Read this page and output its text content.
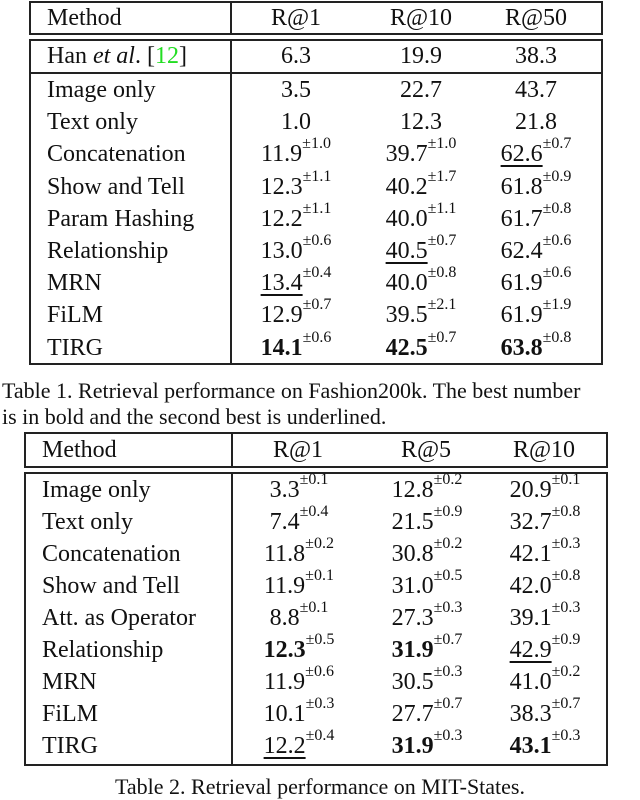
Method	R@1	R@10	R@50
Han et al. [12]	6.3	19.9	38.3
Image only	3.5	22.7	43.7
Text only	1.0	12.3	21.8
Concatenation	$11.9^{\pm 1.0}$	$39.7^{\pm 1.0}$	$62.6^{\pm 0.7}$
Show and Tell	$12.3^{\pm 1.1}$	$40.2^{\pm 1.7}$	$61.8^{\pm 0.9}$
Param Hashing	$12.2^{\pm 1.1}$	$40.0^{\pm 1.1}$	$61.7^{\pm 0.8}$
Relationship	$13.0^{\pm 0.6}$	$40.5^{\pm 0.7}$	$62.4^{\pm 0.6}$
MRN	$13.4^{\pm 0.4}$	$40.0^{\pm 0.8}$	$61.9^{\pm 0.6}$
FiLM	$12.9^{\pm 0.7}$	$39.5^{\pm 2.1}$	$61.9^{\pm 1.9}$
TIRG	$14.1^{\pm 0.6}$	$42.5^{\pm 0.7}$	$63.8^{\pm 0.8}$
Table 1. Retrieval performance on Fashion200k. The best number
is in bold and the second best is underlined.
Method	R@1	R@5	R@10
Image only	$3.3^{\pm 0.1}$	$12.8^{\pm 0.2}$	$20.9^{\pm 0.1}$
Text only	$7.4^{\pm 0.4}$	$21.5^{\pm 0.9}$	$32.7^{\pm 0.8}$
Concatenation	$11.8^{\pm 0.2}$	$30.8^{\pm 0.2}$	$42.1^{\pm 0.3}$
Show and Tell	$11.9^{\pm 0.1}$	$31.0^{\pm 0.5}$	$42.0^{\pm 0.8}$
Att. as Operator	$8.8^{\pm 0.1}$	$27.3^{\pm 0.3}$	$39.1^{\pm 0.3}$
Relationship	$12.3^{\pm 0.5}$	$31.9^{\pm 0.7}$	$42.9^{\pm 0.9}$
MRN	$11.9^{\pm 0.6}$	$30.5^{\pm 0.3}$	$41.0^{\pm 0.2}$
FiLM	$10.1^{\pm 0.3}$	$27.7^{\pm 0.7}$	$38.3^{\pm 0.7}$
TIRG	$12.2^{\pm 0.4}$	$31.9^{\pm 0.3}$	$43.1^{\pm 0.3}$
Table 2. Retrieval performance on MIT-States.
